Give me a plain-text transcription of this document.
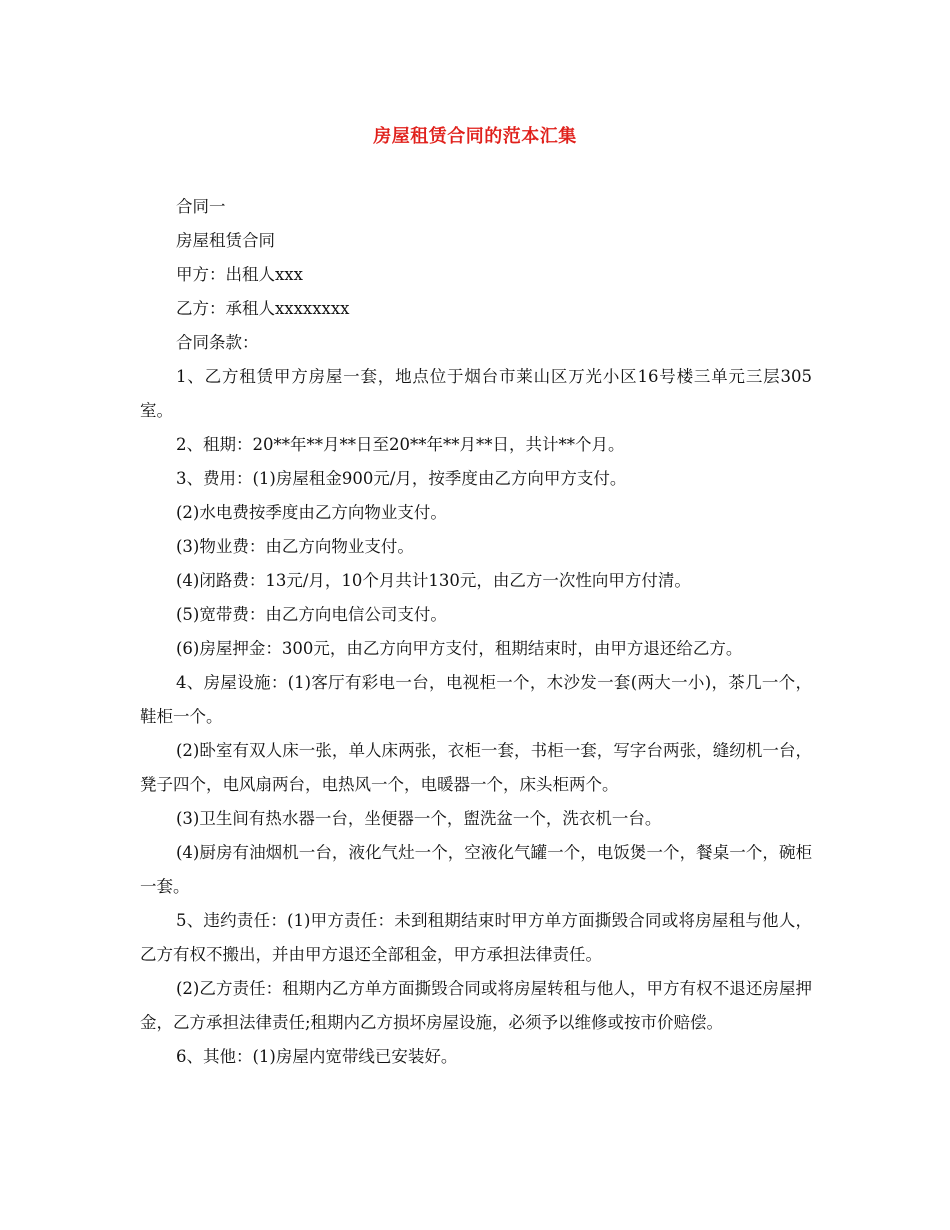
房屋租赁合同的范本汇集

合同一

房屋租赁合同

甲方：出租人xxx

乙方：承租人xxxxxxxx

合同条款：

1、乙方租赁甲方房屋一套，地点位于烟台市莱山区万光小区16号楼三单元三层305室。

2、租期：20**年**月**日至20**年**月**日，共计**个月。

3、费用：(1)房屋租金900元/月，按季度由乙方向甲方支付。

(2)水电费按季度由乙方向物业支付。

(3)物业费：由乙方向物业支付。

(4)闭路费：13元/月，10个月共计130元，由乙方一次性向甲方付清。

(5)宽带费：由乙方向电信公司支付。

(6)房屋押金：300元，由乙方向甲方支付，租期结束时，由甲方退还给乙方。

4、房屋设施：(1)客厅有彩电一台，电视柜一个，木沙发一套(两大一小)，茶几一个，鞋柜一个。

(2)卧室有双人床一张，单人床两张，衣柜一套，书柜一套，写字台两张，缝纫机一台，凳子四个，电风扇两台，电热风一个，电暖器一个，床头柜两个。

(3)卫生间有热水器一台，坐便器一个，盥洗盆一个，洗衣机一台。

(4)厨房有油烟机一台，液化气灶一个，空液化气罐一个，电饭煲一个，餐桌一个，碗柜一套。

5、违约责任：(1)甲方责任：未到租期结束时甲方单方面撕毁合同或将房屋租与他人，乙方有权不搬出，并由甲方退还全部租金，甲方承担法律责任。

(2)乙方责任：租期内乙方单方面撕毁合同或将房屋转租与他人，甲方有权不退还房屋押金，乙方承担法律责任;租期内乙方损坏房屋设施，必须予以维修或按市价赔偿。

6、其他：(1)房屋内宽带线已安装好。
